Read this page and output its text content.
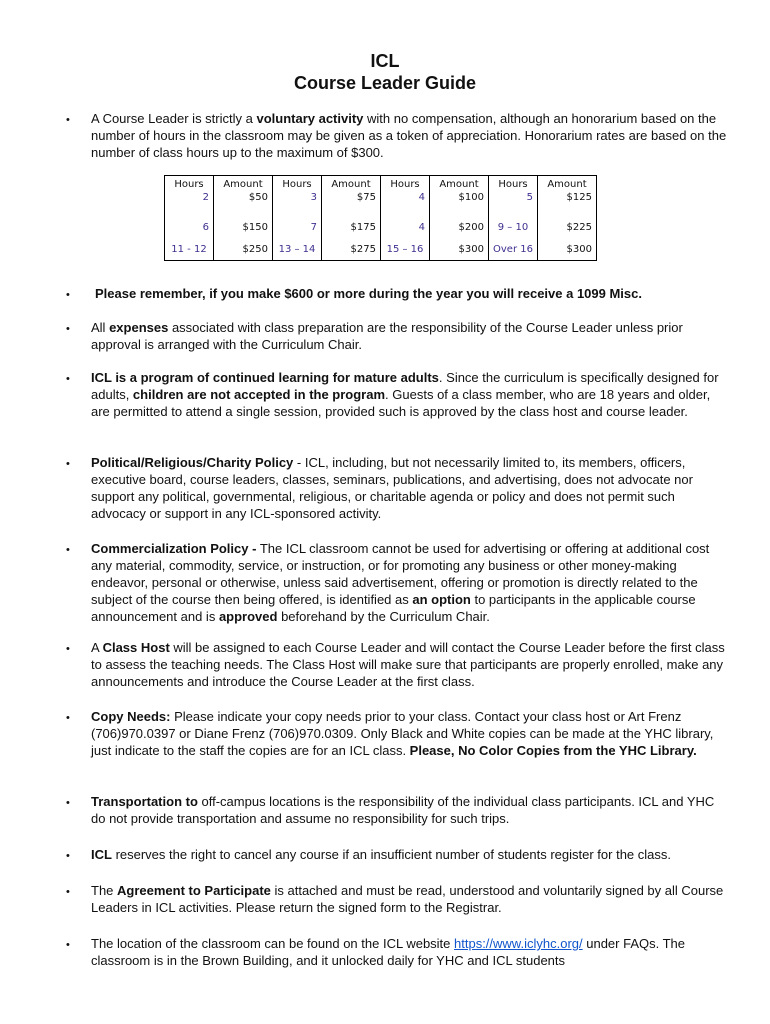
ICL
Course Leader Guide
• A Course Leader is strictly a voluntary activity with no compensation, although an honorarium based on the number of hours in the classroom may be given as a token of appreciation. Honorarium rates are based on the number of class hours up to the maximum of $300.
Hours	Amount	Hours	Amount	Hours	Amount	Hours	Amount
2	$50	3	$75	4	$100	5	$125
6	$150	7	$175	4	$200	9 – 10	$225
11 - 12	$250	13 – 14	$275	15 – 16	$300	Over 16	$300
• Please remember, if you make $600 or more during the year you will receive a 1099 Misc.
• All expenses associated with class preparation are the responsibility of the Course Leader unless prior approval is arranged with the Curriculum Chair.
• ICL is a program of continued learning for mature adults. Since the curriculum is specifically designed for adults, children are not accepted in the program. Guests of a class member, who are 18 years and older, are permitted to attend a single session, provided such is approved by the class host and course leader.
• Political/Religious/Charity Policy - ICL, including, but not necessarily limited to, its members, officers, executive board, course leaders, classes, seminars, publications, and advertising, does not advocate nor support any political, governmental, religious, or charitable agenda or policy and does not permit such advocacy or support in any ICL-sponsored activity.
• Commercialization Policy - The ICL classroom cannot be used for advertising or offering at additional cost any material, commodity, service, or instruction, or for promoting any business or other money-making endeavor, personal or otherwise, unless said advertisement, offering or promotion is directly related to the subject of the course then being offered, is identified as an option to participants in the applicable course announcement and is approved beforehand by the Curriculum Chair.
• A Class Host will be assigned to each Course Leader and will contact the Course Leader before the first class to assess the teaching needs. The Class Host will make sure that participants are properly enrolled, make any announcements and introduce the Course Leader at the first class.
• Copy Needs: Please indicate your copy needs prior to your class. Contact your class host or Art Frenz (706)970.0397 or Diane Frenz (706)970.0309. Only Black and White copies can be made at the YHC library, just indicate to the staff the copies are for an ICL class. Please, No Color Copies from the YHC Library.
• Transportation to off-campus locations is the responsibility of the individual class participants. ICL and YHC do not provide transportation and assume no responsibility for such trips.
• ICL reserves the right to cancel any course if an insufficient number of students register for the class.
• The Agreement to Participate is attached and must be read, understood and voluntarily signed by all Course Leaders in ICL activities. Please return the signed form to the Registrar.
• The location of the classroom can be found on the ICL website https://www.iclyhc.org/ under FAQs. The classroom is in the Brown Building, and it unlocked daily for YHC and ICL students
